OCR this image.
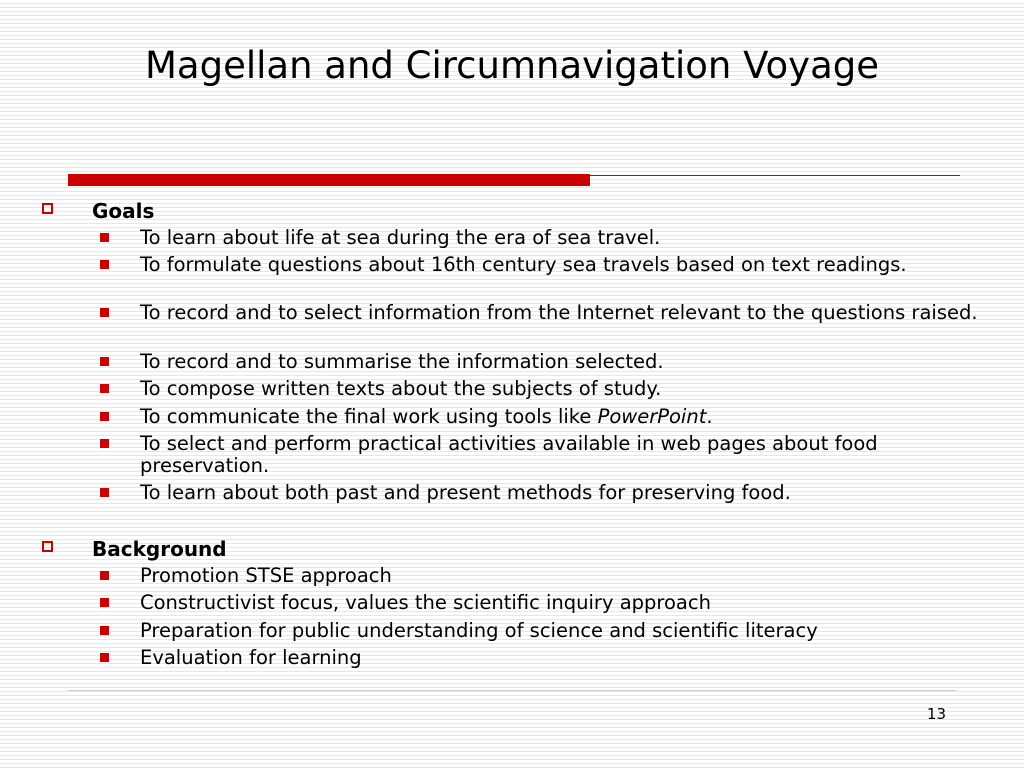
Magellan and Circumnavigation Voyage
Goals
To learn about life at sea during the era of sea travel.
To formulate questions about 16th century sea travels based on text readings.
To record and to select information from the Internet relevant to the questions raised.
To record and to summarise the information selected.
To compose written texts about the subjects of study.
To communicate the final work using tools like PowerPoint.
To select and perform practical activities available in web pages about food preservation.
To learn about both past and present methods for preserving food.
Background
Promotion STSE approach
Constructivist focus, values the scientific inquiry approach
Preparation for public understanding of science and scientific literacy
Evaluation for learning
13
